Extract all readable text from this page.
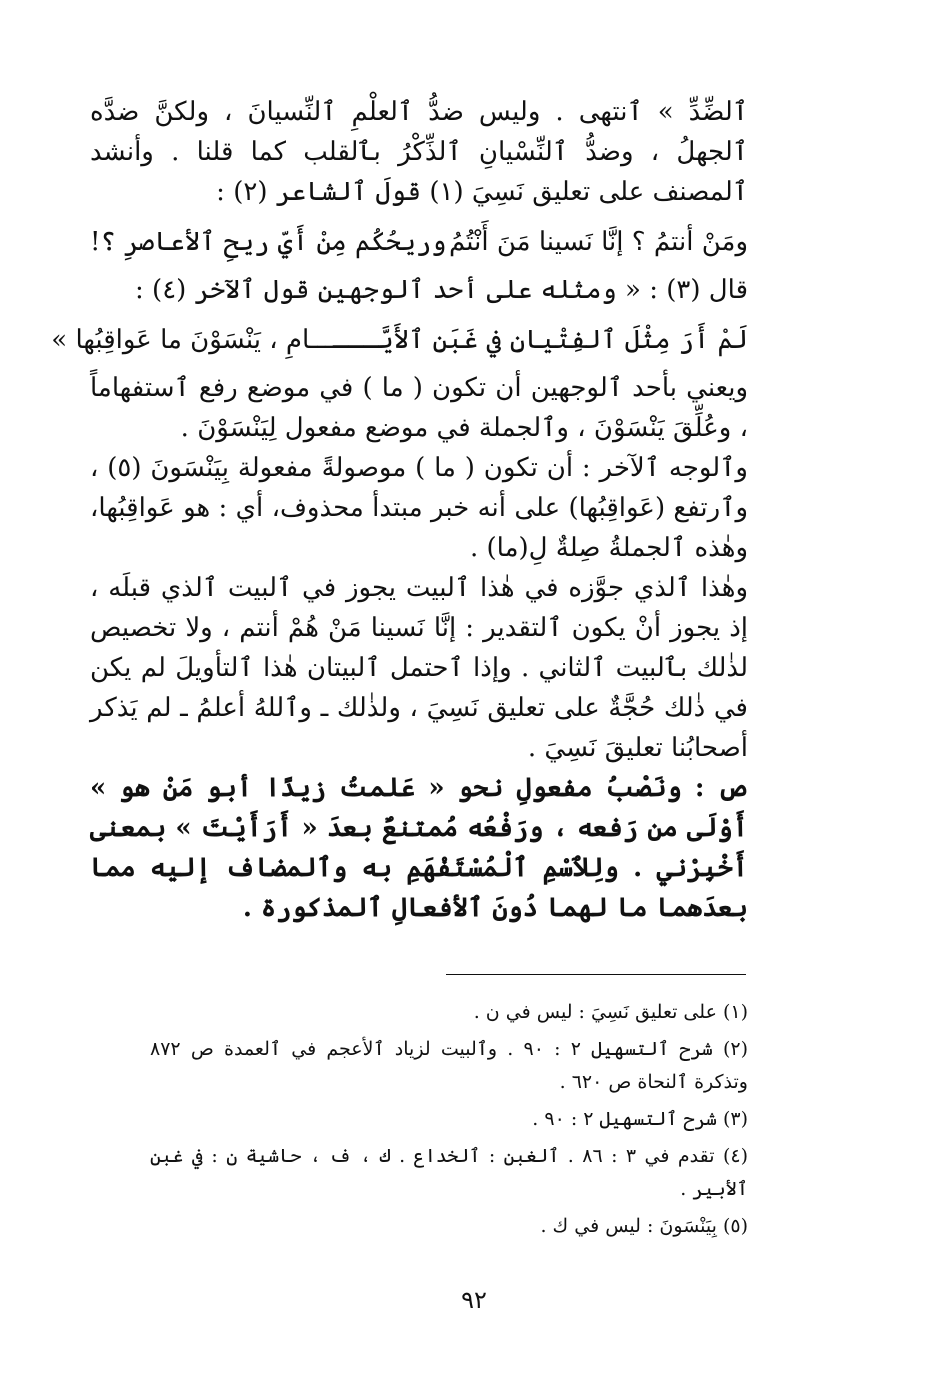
ٱلضِّدِّ » ٱنتهى . وليس ضدُّ ٱلعلْمِ ٱلنِّسيانَ ، ولكنَّ ضدَّه ٱلجهلُ ، وضدُّ ٱلنِّسْيانِ ٱلذِّكْرُ بٱلقلب كما قلنا . وأنشد ٱلمصنف على تعليق نَسِيَ (١) قولَ ٱلشاعر (٢) :

ومَنْ أنتمُ ؟ إنَّا نَسينا مَنَ أَنْتُمُ
وريحُكُم مِنْ أَيِّ ريحِ ٱلأعاصرِ ؟!

قال (٣) : « ومثله على أحد ٱلوجهين قول ٱلآخر (٤) :

لَمْ أَرَ مِثْلَ ٱلفِتْيانِ في غَبَنِ ٱلأَيَّـــ
ـــامِ ، يَنْسَوْنَ ما عَواقِبُها »

ويعني بأحد ٱلوجهين أن تكون ( ما ) في موضع رفع ٱستفهاماً ، وعُلِّقَ يَنْسَوْنَ ، وٱلجملة في موضع مفعول لِيَنْسَوْنَ .

وٱلوجه ٱلآخر : أن تكون ( ما ) موصولةً مفعولة بِيَنْسَونَ (٥) ، وٱرتفع (عَواقِبُها) على أنه خبر مبتدأ محذوف، أي : هو عَواقِبُها، وهٰذه ٱلجملةُ صِلةٌ لِ(ما) .

وهٰذا ٱلذي جوَّزه في هٰذا ٱلبيت يجوز في ٱلبيت ٱلذي قبلَه ، إذ يجوز أنْ يكون ٱلتقدير : إنَّا نَسينا مَنْ هُمْ أنتم ، ولا تخصيص لذٰلك بٱلبيت ٱلثاني . وإذا ٱحتمل ٱلبيتان هٰذا ٱلتأويلَ لم يكن في ذٰلك حُجَّةٌ على تعليق نَسِيَ ، ولذٰلك ـ وٱللهُ أعلمُ ـ لم يَذكر أصحابُنا تعليقَ نَسِيَ .

ص : ونَصْبُ مفعولِ نحو « عَلمتُ زيدًا أبو مَنْ هو » أَوْلَى من رَفعه ، ورَفْعُه مُمتنعٌ بعدَ « أَرَأَيْتَ » بمعنى أَخْبِرْني . ولِلٱسْمِ ٱلْمُسْتَفْهَمِ به وٱلمضاف إليه مما بعدَهما ما لهما دُونَ ٱلأفعالِ ٱلمذكورة .

(١) على تعليق نَسِيَ : ليس في ن .

(٢) شرح ٱلتسهيل ٢ : ٩٠ . وٱلبيت لزياد ٱلأعجم في ٱلعمدة ص ٨٧٢ وتذكرة ٱلنحاة ص ٦٢٠ .

(٣) شرح ٱلتسهيل ٢ : ٩٠ .

(٤) تقدم في ٣ : ٨٦ . ٱلغبن : ٱلخداع . ك ، ف ، حاشية ن : في غبن ٱلأبير .

(٥) بِيَنْسَونَ : ليس في ك .

٩٢
